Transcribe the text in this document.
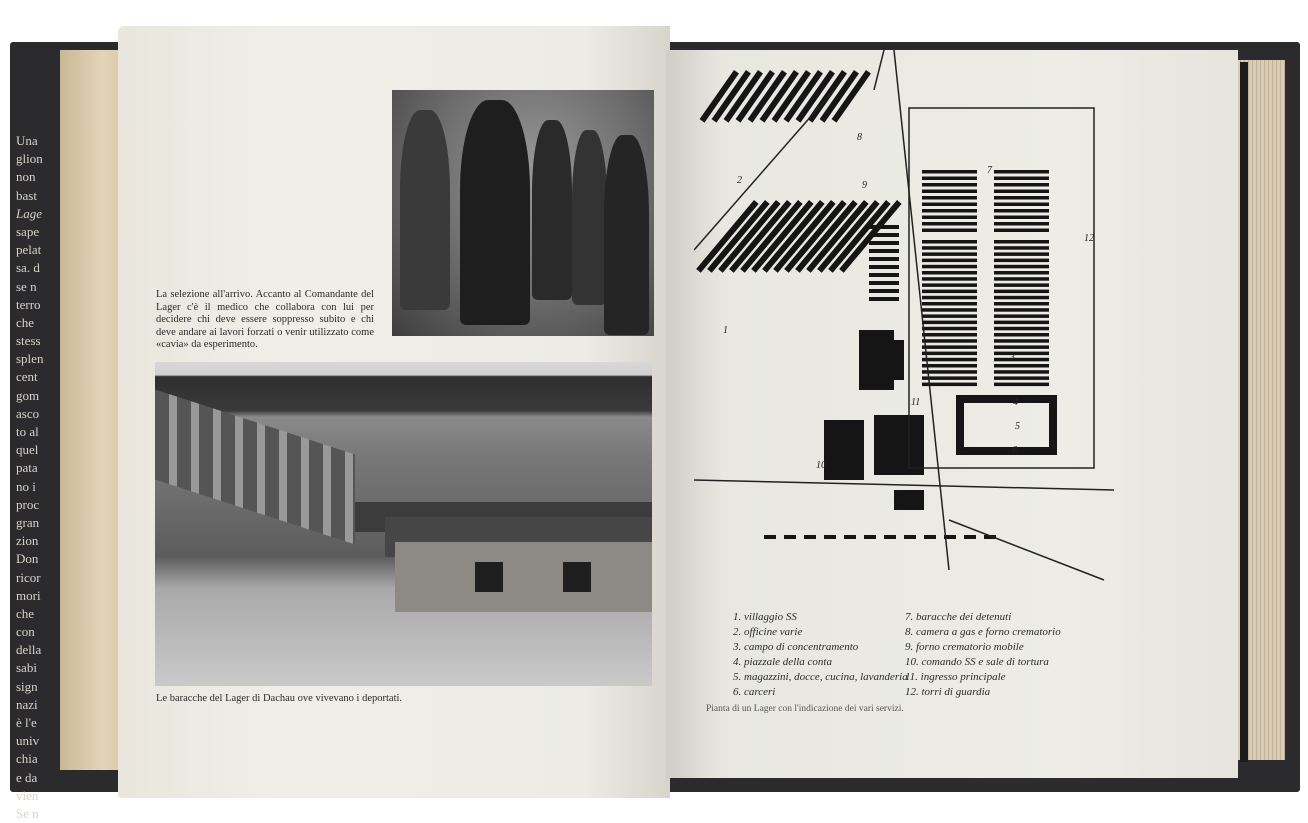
Una
glion
non
bast
Lage
sape
pelat
sa. d
se n
terro
che
stess
splen
cent
gom
asco
to al
quel
pata
no i
proc
gran
zion
Don
ricor
mori
che
con
della
sabi
sign
nazi
è l'e
univ
chia
e da
vien
Se n
La selezione all'arrivo. Accanto al Comandante del Lager c'è il medico che collabora con lui per decidere chi deve essere soppresso subito e chi deve andare ai lavori forzati o venir utilizzato come «cavia» da esperimento.
Le baracche del Lager di Dachau ove vivevano i deportati.
1
2
3
4
5
6
7
8
9
10
11
12
1. villaggio SS
2. officine varie
3. campo di concentramento
4. piazzale della conta
5. magazzini, docce, cucina, lavanderia
6. carceri
7. baracche dei detenuti
8. camera a gas e forno crematorio
9. forno crematorio mobile
10. comando SS e sale di tortura
11. ingresso principale
12. torri di guardia
Pianta di un Lager con l'indicazione dei vari servizi.
